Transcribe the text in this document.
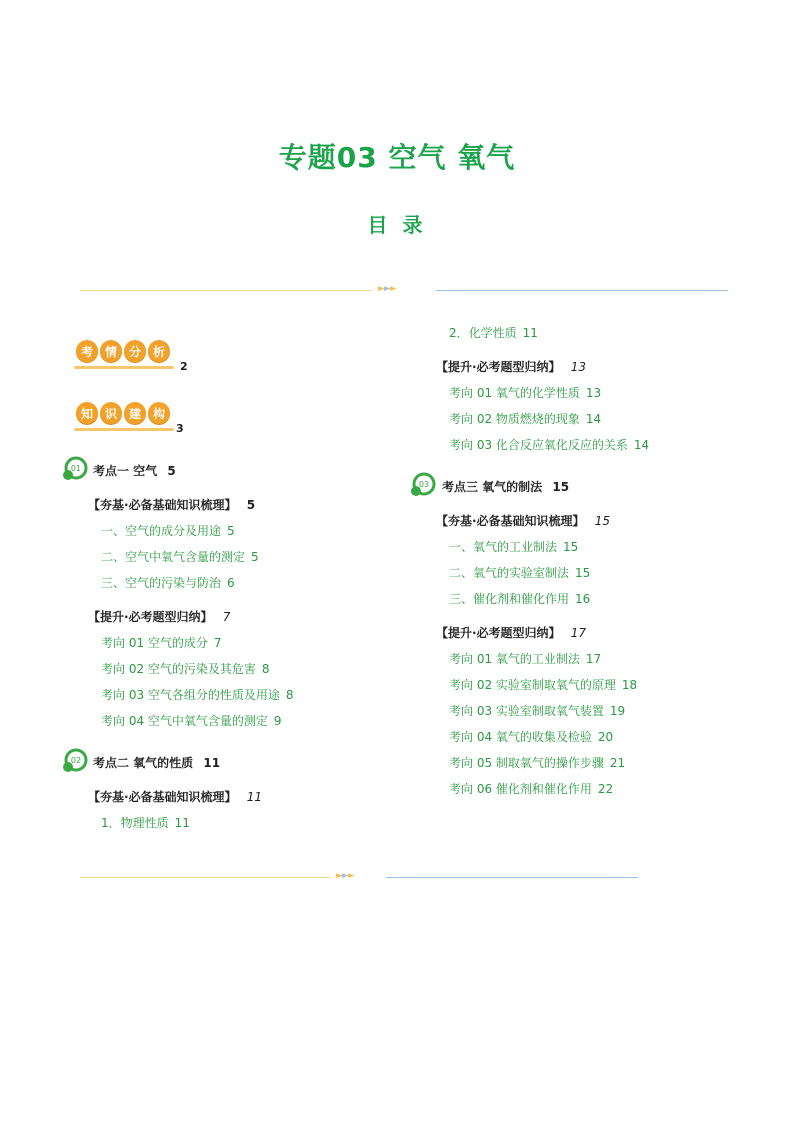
专题03 空气 氧气
目 录
►►►
考 情 分 析
2
知 识 建 构
3
01 考点一 空气 5
【夯基·必备基础知识梳理】 5
一、空气的成分及用途 5
二、空气中氧气含量的测定 5
三、空气的污染与防治 6
【提升·必考题型归纳】 7
考向 01 空气的成分 7
考向 02 空气的污染及其危害 8
考向 03 空气各组分的性质及用途 8
考向 04 空气中氧气含量的测定 9
02 考点二 氧气的性质 11
【夯基·必备基础知识梳理】 11
1．物理性质 11
2．化学性质 11
【提升·必考题型归纳】 13
考向 01 氧气的化学性质 13
考向 02 物质燃烧的现象 14
考向 03 化合反应氧化反应的关系 14
03 考点三 氧气的制法 15
【夯基·必备基础知识梳理】 15
一、氧气的工业制法 15
二、氧气的实验室制法 15
三、催化剂和催化作用 16
【提升·必考题型归纳】 17
考向 01 氧气的工业制法 17
考向 02 实验室制取氧气的原理 18
考向 03 实验室制取氧气装置 19
考向 04 氧气的收集及检验 20
考向 05 制取氧气的操作步骤 21
考向 06 催化剂和催化作用 22
►►►
